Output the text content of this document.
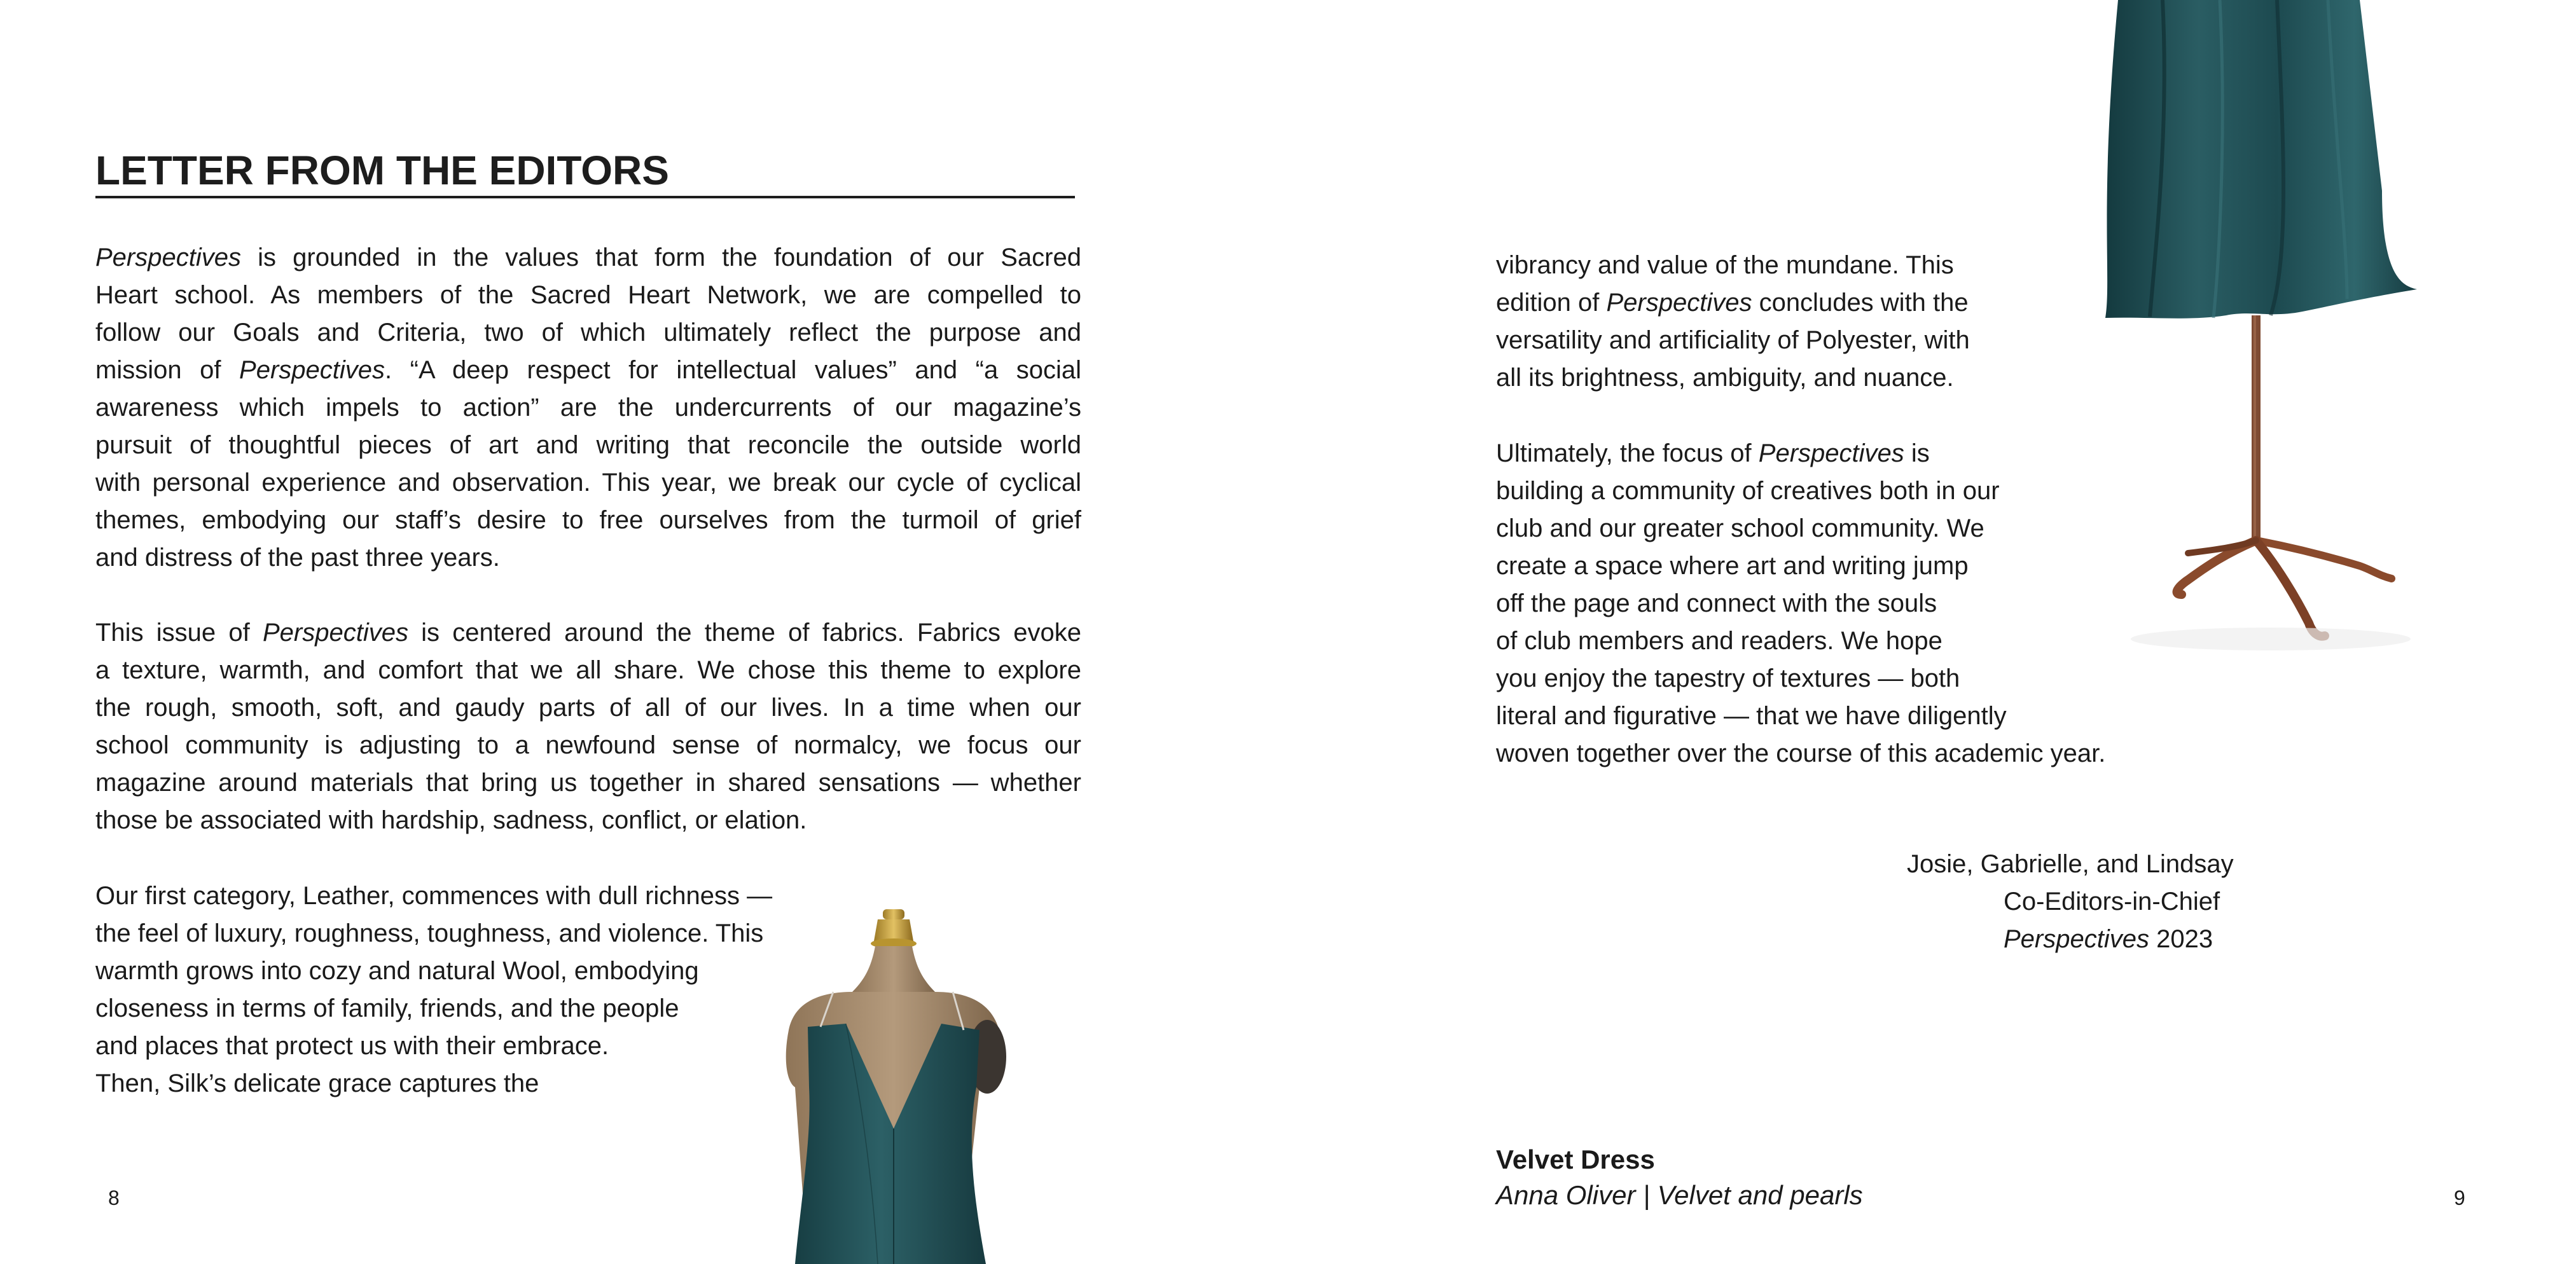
LETTER FROM THE EDITORS

Perspectives is grounded in the values that form the foundation of our Sacred
Heart school. As members of the Sacred Heart Network, we are compelled to
follow our Goals and Criteria, two of which ultimately reflect the purpose and
mission of Perspectives. “A deep respect for intellectual values” and “a social
awareness which impels to action” are the undercurrents of our magazine’s
pursuit of thoughtful pieces of art and writing that reconcile the outside world
with personal experience and observation. This year, we break our cycle of cyclical
themes, embodying our staff’s desire to free ourselves from the turmoil of grief
and distress of the past three years.

This issue of Perspectives is centered around the theme of fabrics. Fabrics evoke
a texture, warmth, and comfort that we all share. We chose this theme to explore
the rough, smooth, soft, and gaudy parts of all of our lives. In a time when our
school community is adjusting to a newfound sense of normalcy, we focus our
magazine around materials that bring us together in shared sensations — whether
those be associated with hardship, sadness, conflict, or elation.

Our first category, Leather, commences with dull richness —
the feel of luxury, roughness, toughness, and violence. This
warmth grows into cozy and natural Wool, embodying
closeness in terms of family, friends, and the people
and places that protect us with their embrace.
Then, Silk’s delicate grace captures the

8

vibrancy and value of the mundane. This
edition of Perspectives concludes with the
versatility and artificiality of Polyester, with
all its brightness, ambiguity, and nuance.

Ultimately, the focus of Perspectives is
building a community of creatives both in our
club and our greater school community. We
create a space where art and writing jump
off the page and connect with the souls
of club members and readers. We hope
you enjoy the tapestry of textures — both
literal and figurative — that we have diligently
woven together over the course of this academic year.

Josie, Gabrielle, and Lindsay
Co-Editors-in-Chief
Perspectives 2023
Velvet Dress
Anna Oliver | Velvet and pearls	9
